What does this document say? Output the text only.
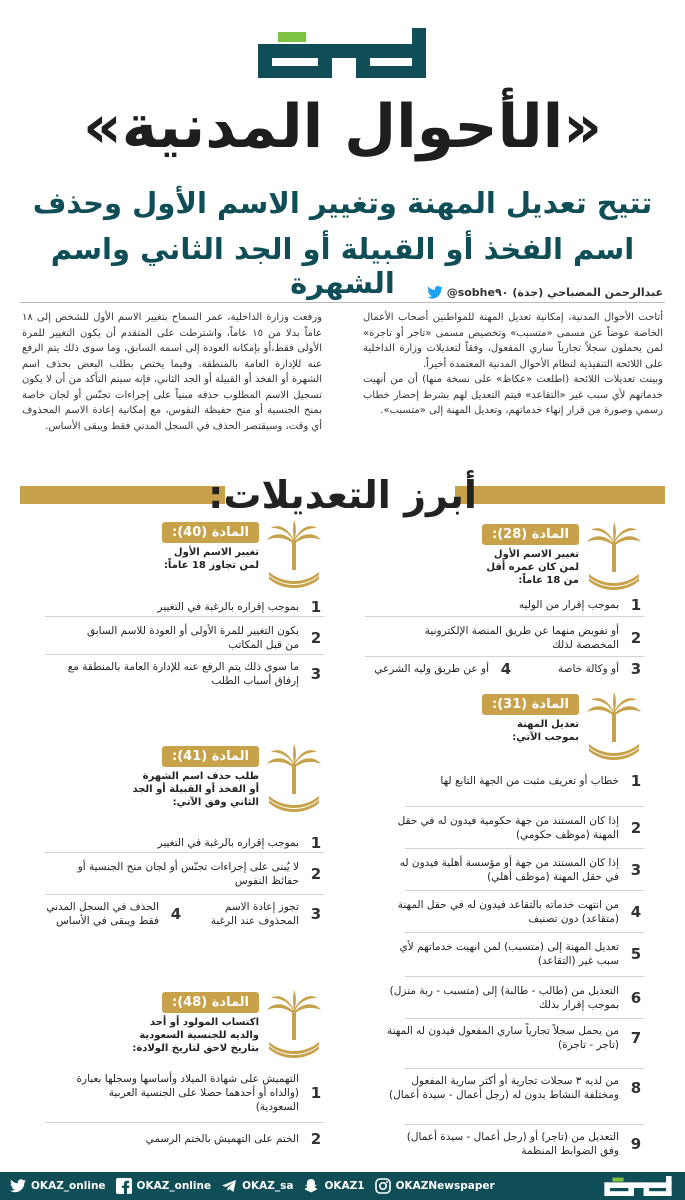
«الأحوال المدنية»
تتيح تعديل المهنة وتغيير الاسم الأول وحذف
اسم الفخذ أو القبيلة أو الجد الثاني واسم الشهرة	عبدالرحمن المصباحي (جدة)
@sobhe٩٠

أتاحت الأحوال المدنية، إمكانية تعديل المهنة للمواطنين أصحاب الأعمال الخاصة عوضاً عن مسمى «متسبب» وتخصيص مسمى «تاجر أو تاجرة» لمن يحملون سجلاً تجارياً ساري المفعول، وفقاً لتعديلات وزارة الداخلية على اللائحة التنفيذية لنظام الأحوال المدنية المعتمدة أخيراً.

وبينت تعديلات اللائحة (اطلعت «عكاظ» على نسخة منها) أن من أنهيت خدماتهم لأي سبب غير «التقاعد» فيتم التعديل لهم بشرط إحضار خطاب رسمي وصورة من قرار إنهاء خدماتهم، وتعديل المهنة إلى «متسبب».

ورفعت وزارة الداخلية، عمر السماح بتغيير الاسم الأول للشخص إلى ١٨ عاماً بدلا من ١٥ عاماً، واشترطت على المتقدم أن يكون التغيير للمرة الأولى فقط،أو بإمكانه العودة إلى اسمه السابق، وما سوى ذلك يتم الرفع عنه للإدارة العامة بالمنطقة. وفيما يختص بطلب البعض بحذف اسم الشهرة أو الفخذ أو القبيلة أو الجد الثاني، فإنه سيتم التأكد من أن لا يكون تسجيل الاسم المطلوب حذفه مبنياً على إجراءات تجنّس أو لجان خاصة بمنح الجنسية أو منح حفيظة النفوس، مع إمكانية إعادة الاسم المحذوف أي وقت، وسيقتصر الحذف في السجل المدني فقط ويبقى الأساس.

أبرز التعديلات:
المادة (28):
تغيير الاسم الأول
لمن كان عمره أقل
من 18 عاماً:
1
بموجب إقرار من الوليه
2
أو تفويض منهما عن طريق المنصة الإلكترونية المخصصة لذلك
3
أو وكالة خاصة
4
أو عن طريق وليه الشرعي
المادة (31):
تعديل المهنة
بموجب الآتي:
1
خطاب أو تعريف مثبت من الجهة التابع لها
2
إذا كان المستند من جهة حكومية فيدون له في حقل المهنة (موظف حكومي)
3
إذا كان المستند من جهة أو مؤسسة أهلية فيدون له في حقل المهنة (موظف أهلي)
4
من انتهت خدماته بالتقاعد فيدون له في حقل المهنة (متقاعد) دون تصنيف
5
تعديل المهنة إلى (متسبب) لمن انهيت خدماتهم لأي سبب غير (التقاعد)
6
التعديل من (طالب - طالبة) إلى (متسبب - ربة منزل) بموجب إقرار بذلك
7
من يحمل سجلاً تجارياً ساري المفعول فيدون له المهنة (تاجر - تاجرة)
8
من لديه ٣ سجلات تجارية أو أكثر سارية المفعول ومختلفة النشاط بدون له (رجل أعمال - سيدة أعمال)
9
التعديل من (تاجر) أو (رجل أعمال - سيدة أعمال) وفق الضوابط المنظمة
المادة (40):
تغيير الاسم الأول
لمن تجاوز 18 عاماً:
1
بموجب إقراره بالرغبة في التغيير
2
يكون التغيير للمرة الأولى أو العودة للاسم السابق من قبل المكاتب
3
ما سوى ذلك يتم الرفع عنه للإدارة العامة بالمنطقة مع إرفاق أسباب الطلب
المادة (41):
طلب حذف اسم الشهرة
أو الفخذ أو القبيلة أو الجد
الثاني وفق الآتي:
1
بموجب إقراره بالرغبة في التغيير
2
لا يُبنى على إجراءات تجنّس أو لجان منح الجنسية أو حفائظ النفوس
3
تجوز إعادة الاسم المحذوف عند الرغبة
4
الحذف في السجل المدني فقط ويبقى في الأساس
المادة (48):
اكتساب المولود أو أحد
والديه للجنسية السعودية
بتاريخ لاحق لتاريخ الولادة:
1
التهميش على شهادة الميلاد وأساسها وسجلها بعبارة (والداه أو أحدهما حصلا على الجنسية العربية السعودية)
2
الختم على التهميش بالختم الرسمي
OKAZ_online	OKAZ_online	OKAZ_sa	OKAZ1	OKAZNewspaper
